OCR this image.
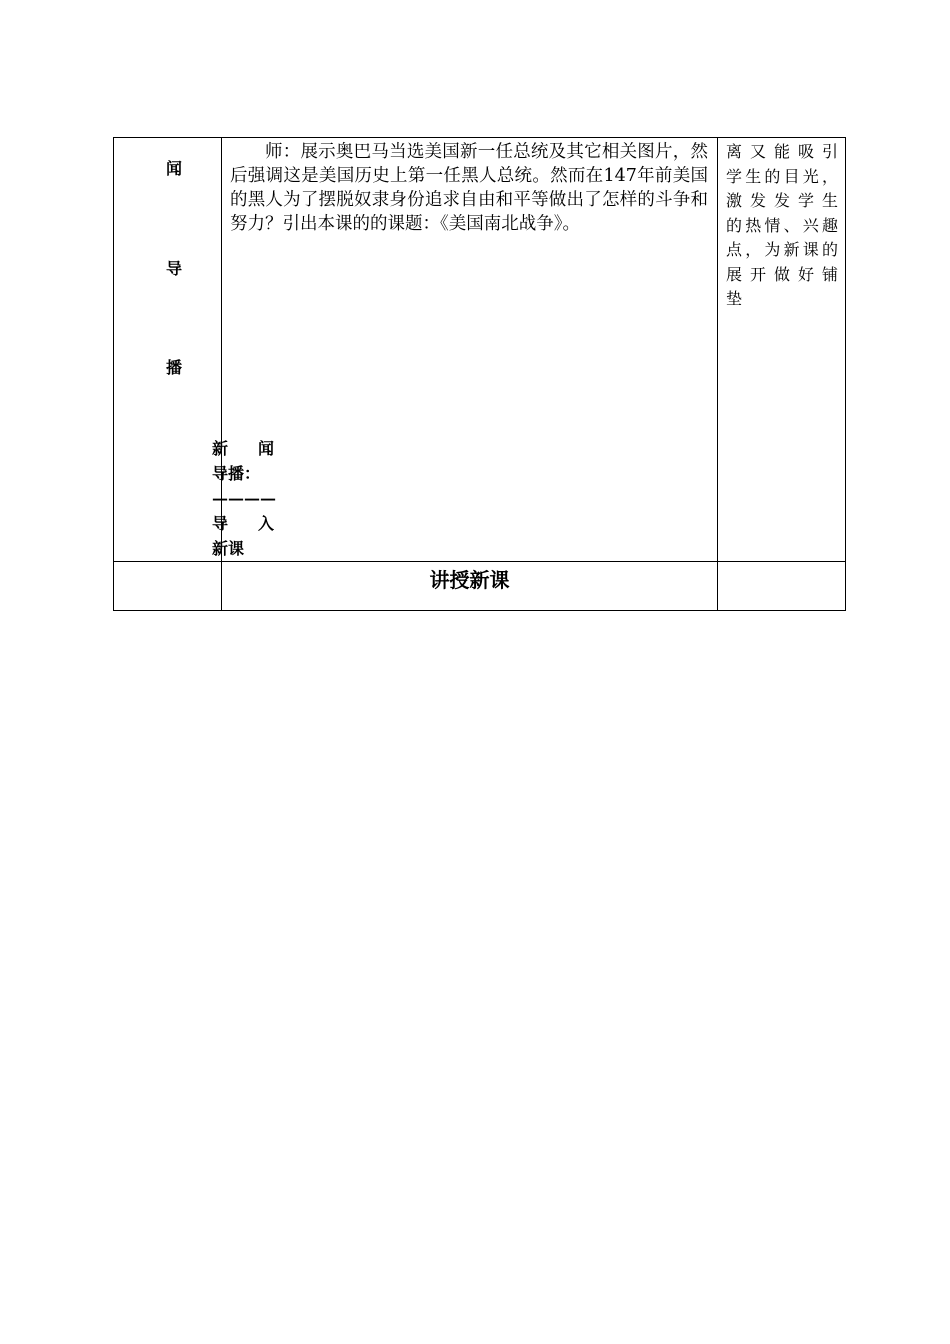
闻
导
播

师：展示奥巴马当选美国新一任总统及其它相关图片，然后强调这是美国历史上第一任黑人总统。然而在147年前美国的黑人为了摆脱奴隶身份追求自由和平等做出了怎样的斗争和努力？引出本课的的课题：《美国南北战争》。

离又能吸引
学生的目光，
激发发学生
的热情、兴趣
点，为新课的
展开做好铺
垫
新 闻
导播：
—— ——
导 入
新课
讲授新课
